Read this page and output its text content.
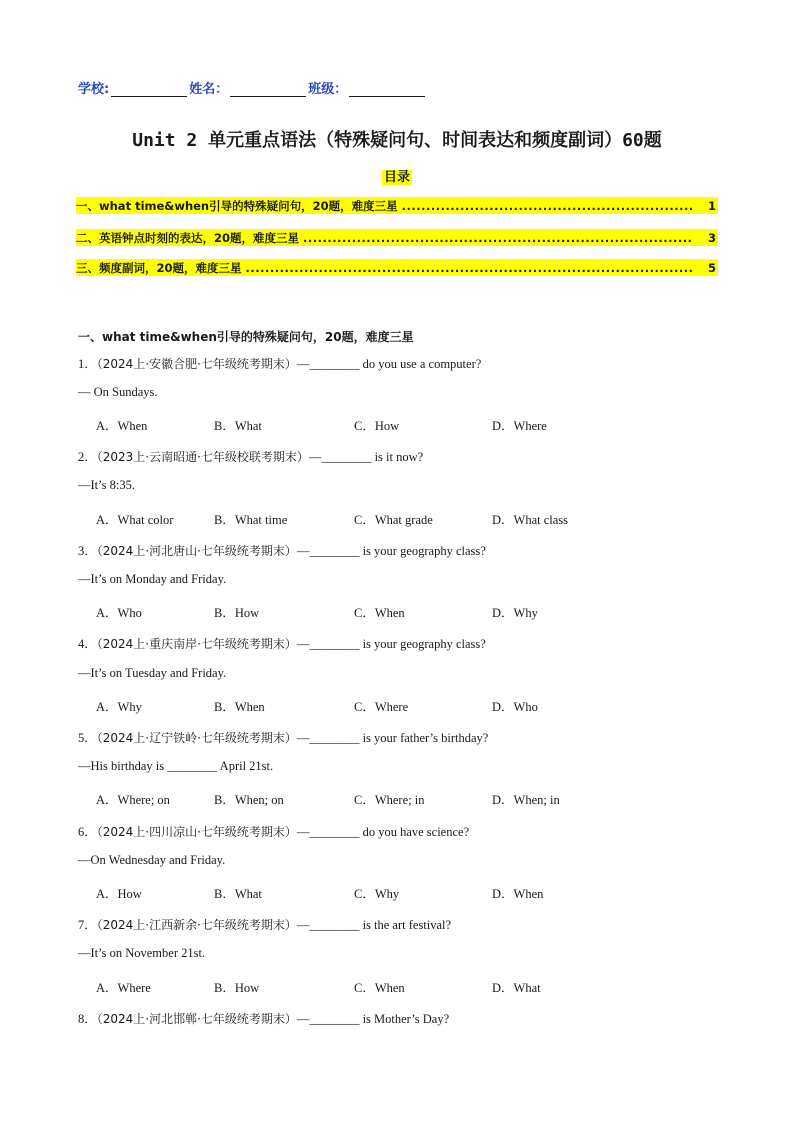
学校:	姓名：	班级：
Unit 2 单元重点语法（特殊疑问句、时间表达和频度副词）60题
目录
一、what time&when引导的特殊疑问句，20题，难度三星 .....	1
二、英语钟点时刻的表达，20题，难度三星 .....	3
三、频度副词，20题，难度三星 .....	5
一、what time&when引导的特殊疑问句，20题，难度三星
1．（2024上·安徽合肥·七年级统考期末）—________ do you use a computer?
— On Sundays.
A．When	B．What	C．How	D．Where
2．（2023上·云南昭通·七年级校联考期末）—________ is it now?
—It’s 8:35.
A．What color	B．What time	C．What grade	D．What class
3．（2024上·河北唐山·七年级统考期末）—________ is your geography class?
—It’s on Monday and Friday.
A．Who	B．How	C．When	D．Why
4．（2024上·重庆南岸·七年级统考期末）—________ is your geography class?
—It’s on Tuesday and Friday.
A．Why	B．When	C．Where	D．Who
5．（2024上·辽宁铁岭·七年级统考期末）—________ is your father’s birthday?
—His birthday is ________ April 21st.
A．Where; on	B．When; on	C．Where; in	D．When; in
6．（2024上·四川凉山·七年级统考期末）—________ do you have science?
—On Wednesday and Friday.
A．How	B．What	C．Why	D．When
7．（2024上·江西新余·七年级统考期末）—________ is the art festival?
—It’s on November 21st.
A．Where	B．How	C．When	D．What
8．（2024上·河北邯郸·七年级统考期末）—________ is Mother’s Day?
